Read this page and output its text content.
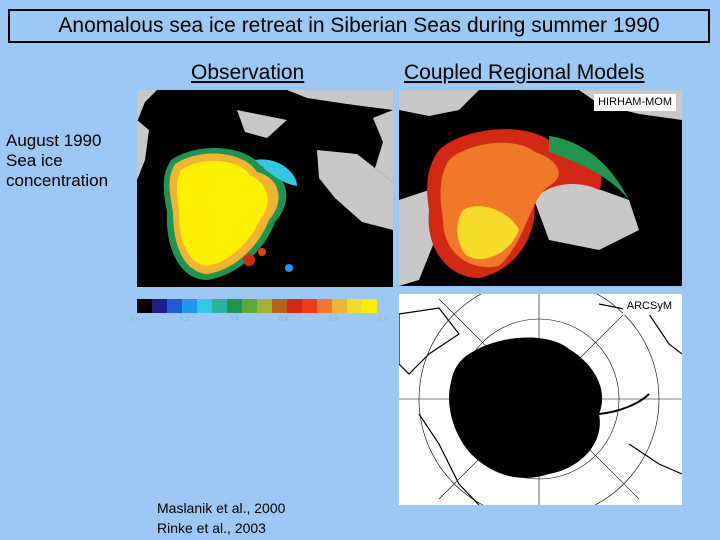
Anomalous sea ice retreat in Siberian Seas during summer 1990
Observation	Coupled Regional Models
August 1990
Sea ice
concentration
HIRHAM-MOM
0.0	0.2	0.4	0.6	0.8	1.0
ARCSyM
Maslanik et al., 2000
Rinke et al., 2003
